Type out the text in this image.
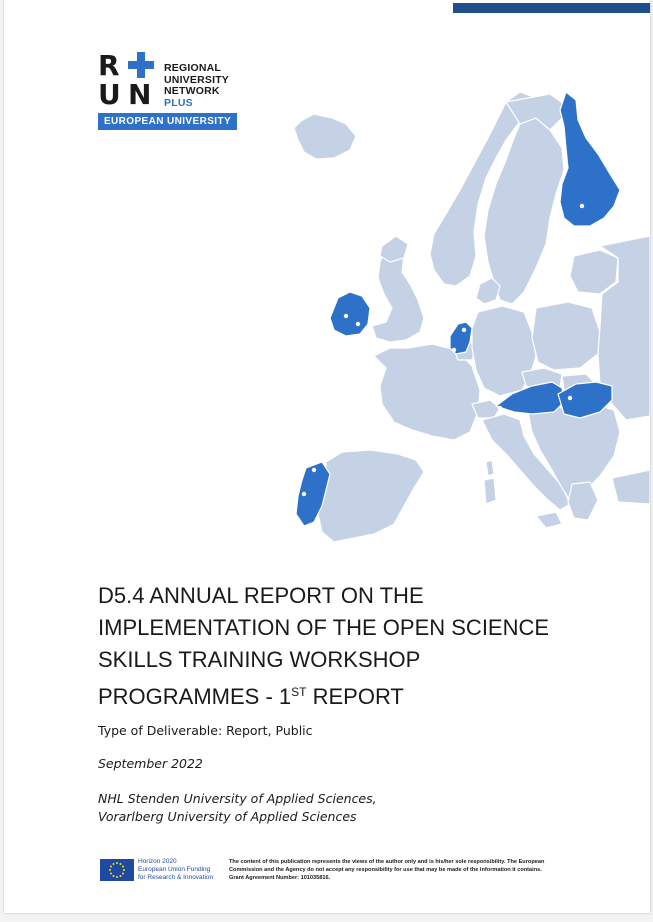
R
U N
REGIONAL
UNIVERSITY
NETWORK
PLUS
EUROPEAN UNIVERSITY
D5.4 ANNUAL REPORT ON THE
IMPLEMENTATION OF THE OPEN SCIENCE
SKILLS TRAINING WORKSHOP
PROGRAMMES - 1ST REPORT
Type of Deliverable: Report, Public
September 2022
NHL Stenden University of Applied Sciences,
Vorarlberg University of Applied Sciences
Horizon 2020
European Union Funding
for Research & Innovation
The content of this publication represents the views of the author only and is his/her sole responsibility. The European
Commission and the Agency do not accept any responsibility for use that may be made of the information it contains.
Grant Agreement Number: 101035816.
